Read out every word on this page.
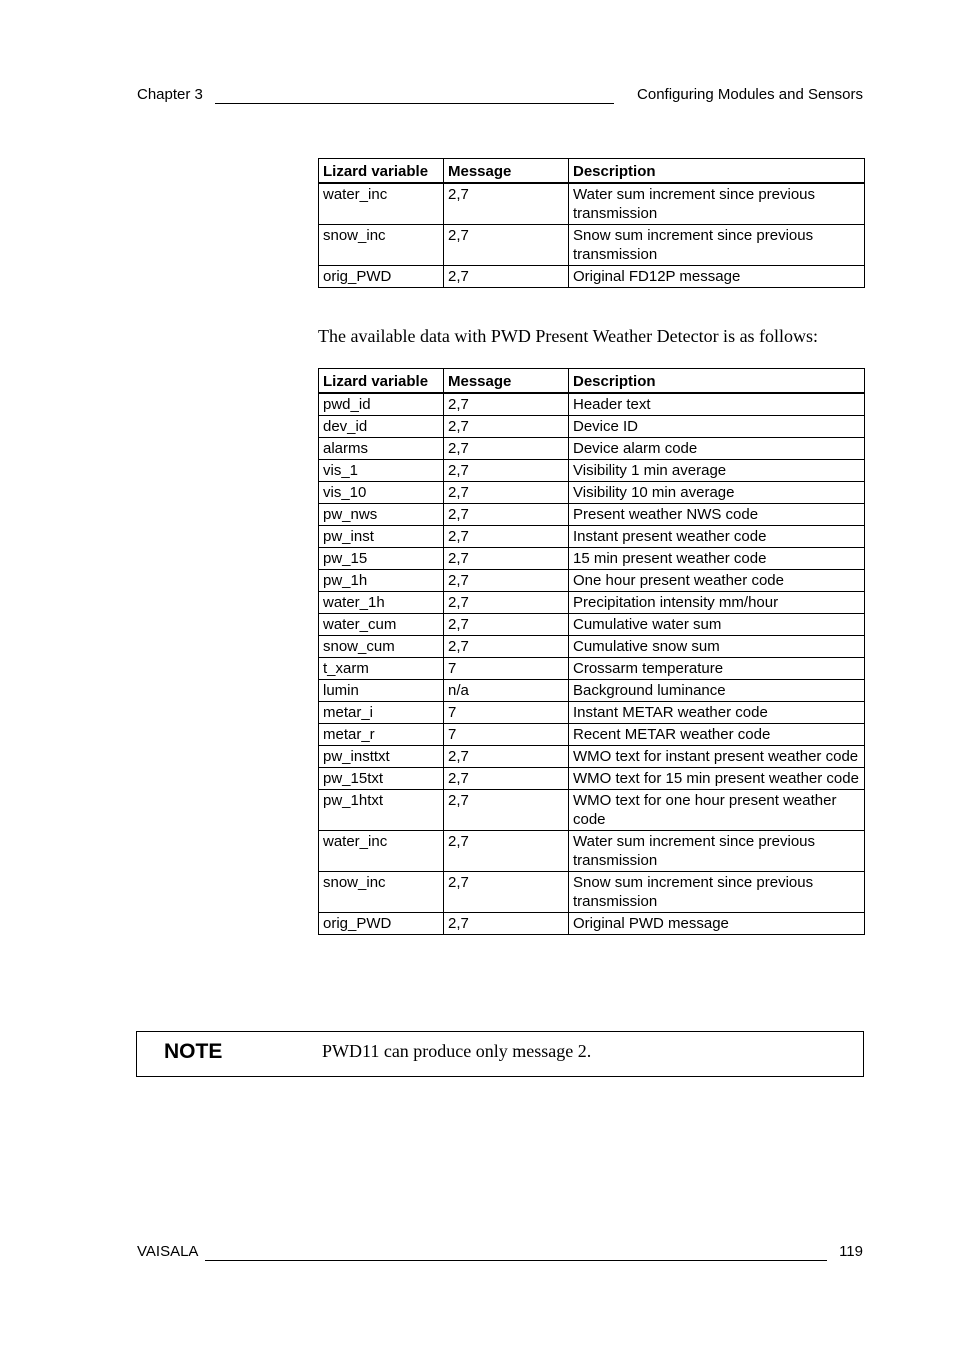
Chapter 3	Configuring Modules and Sensors
Lizard variable	Message	Description
water_inc	2,7	Water sum increment since previous transmission
snow_inc	2,7	Snow sum increment since previous transmission
orig_PWD	2,7	Original FD12P message
The available data with PWD Present Weather Detector is as follows:
Lizard variable	Message	Description
pwd_id	2,7	Header text
dev_id	2,7	Device ID
alarms	2,7	Device alarm code
vis_1	2,7	Visibility 1 min average
vis_10	2,7	Visibility 10 min average
pw_nws	2,7	Present weather NWS code
pw_inst	2,7	Instant present weather code
pw_15	2,7	15 min present weather code
pw_1h	2,7	One hour present weather code
water_1h	2,7	Precipitation intensity mm/hour
water_cum	2,7	Cumulative water sum
snow_cum	2,7	Cumulative snow sum
t_xarm	7	Crossarm temperature
lumin	n/a	Background luminance
metar_i	7	Instant METAR weather code
metar_r	7	Recent METAR weather code
pw_insttxt	2,7	WMO text for instant present weather code
pw_15txt	2,7	WMO text for 15 min present weather code
pw_1htxt	2,7	WMO text for one hour present weather code
water_inc	2,7	Water sum increment since previous transmission
snow_inc	2,7	Snow sum increment since previous transmission
orig_PWD	2,7	Original PWD message
NOTE	PWD11 can produce only message 2.
VAISALA	119
